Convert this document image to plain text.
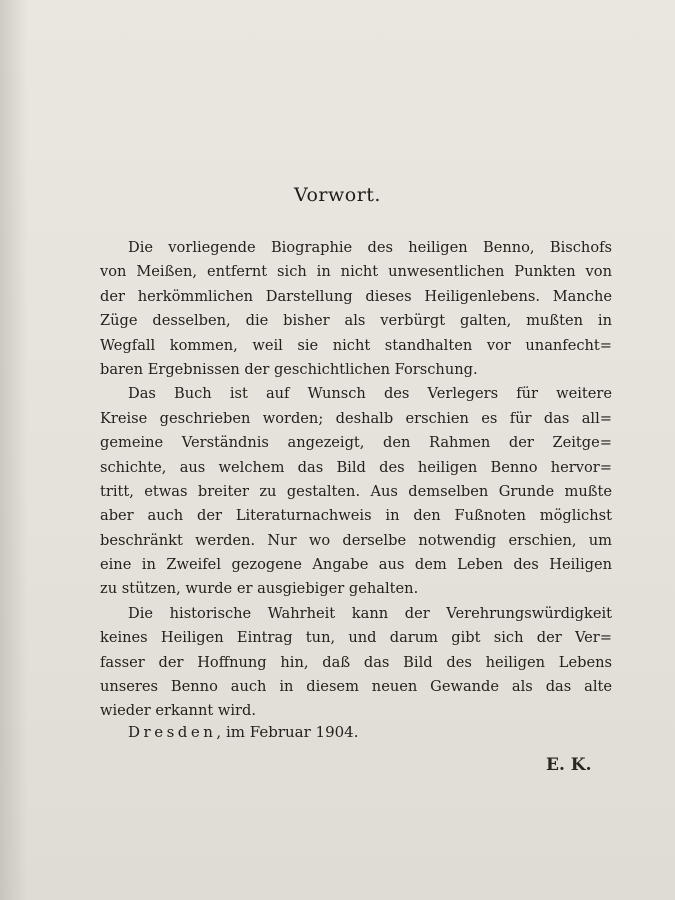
Vorwort.
Die vorliegende Biographie des heiligen Benno, Bischofs
von Meißen, entfernt sich in nicht unwesentlichen Punkten von
der herkömmlichen Darstellung dieses Heiligenlebens. Manche
Züge desselben, die bisher als verbürgt galten, mußten in
Wegfall kommen, weil sie nicht standhalten vor unanfecht=
baren Ergebnissen der geschichtlichen Forschung.
Das Buch ist auf Wunsch des Verlegers für weitere
Kreise geschrieben worden; deshalb erschien es für das all=
gemeine Verständnis angezeigt, den Rahmen der Zeitge=
schichte, aus welchem das Bild des heiligen Benno hervor=
tritt, etwas breiter zu gestalten. Aus demselben Grunde mußte
aber auch der Literaturnachweis in den Fußnoten möglichst
beschränkt werden. Nur wo derselbe notwendig erschien, um
eine in Zweifel gezogene Angabe aus dem Leben des Heiligen
zu stützen, wurde er ausgiebiger gehalten.
Die historische Wahrheit kann der Verehrungswürdigkeit
keines Heiligen Eintrag tun, und darum gibt sich der Ver=
fasser der Hoffnung hin, daß das Bild des heiligen Lebens
unseres Benno auch in diesem neuen Gewande als das alte
wieder erkannt wird.
Dresden, im Februar 1904.
E. K.
